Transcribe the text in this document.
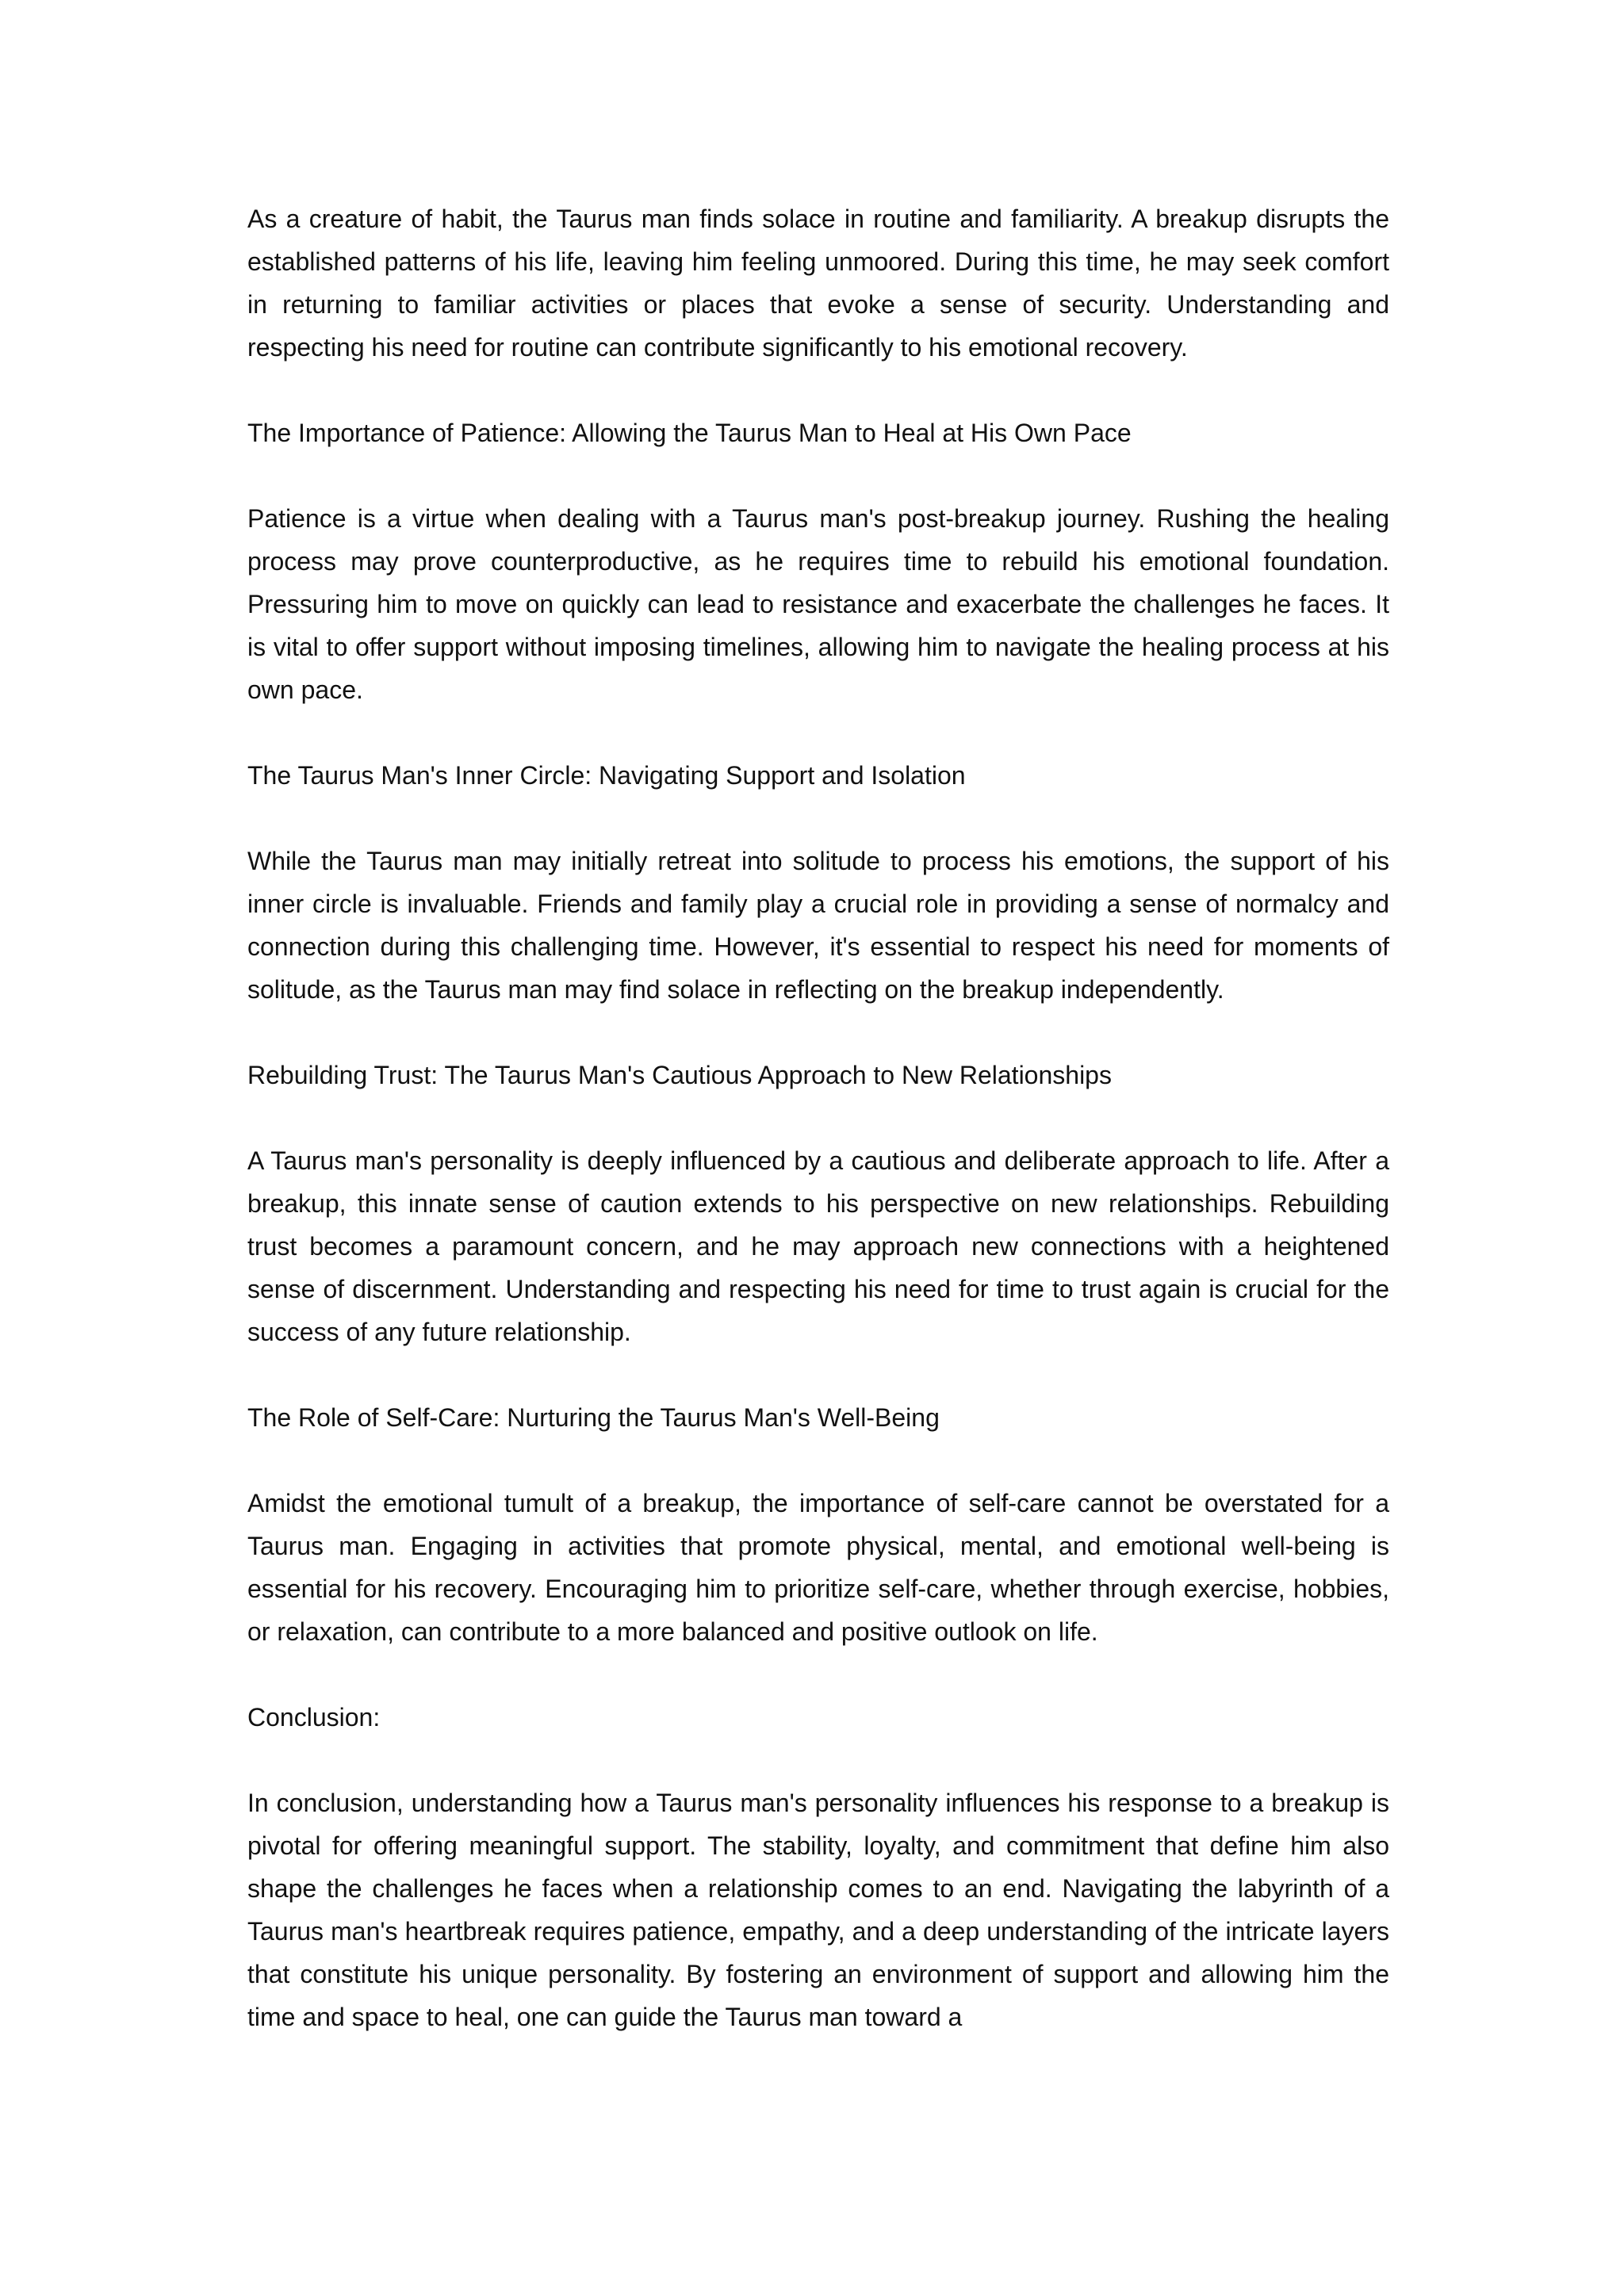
As a creature of habit, the Taurus man finds solace in routine and familiarity. A breakup disrupts the established patterns of his life, leaving him feeling unmoored. During this time, he may seek comfort in returning to familiar activities or places that evoke a sense of security. Understanding and respecting his need for routine can contribute significantly to his emotional recovery.

The Importance of Patience: Allowing the Taurus Man to Heal at His Own Pace

Patience is a virtue when dealing with a Taurus man's post-breakup journey. Rushing the healing process may prove counterproductive, as he requires time to rebuild his emotional foundation. Pressuring him to move on quickly can lead to resistance and exacerbate the challenges he faces. It is vital to offer support without imposing timelines, allowing him to navigate the healing process at his own pace.

The Taurus Man's Inner Circle: Navigating Support and Isolation

While the Taurus man may initially retreat into solitude to process his emotions, the support of his inner circle is invaluable. Friends and family play a crucial role in providing a sense of normalcy and connection during this challenging time. However, it's essential to respect his need for moments of solitude, as the Taurus man may find solace in reflecting on the breakup independently.

Rebuilding Trust: The Taurus Man's Cautious Approach to New Relationships

A Taurus man's personality is deeply influenced by a cautious and deliberate approach to life. After a breakup, this innate sense of caution extends to his perspective on new relationships. Rebuilding trust becomes a paramount concern, and he may approach new connections with a heightened sense of discernment. Understanding and respecting his need for time to trust again is crucial for the success of any future relationship.

The Role of Self-Care: Nurturing the Taurus Man's Well-Being

Amidst the emotional tumult of a breakup, the importance of self-care cannot be overstated for a Taurus man. Engaging in activities that promote physical, mental, and emotional well-being is essential for his recovery. Encouraging him to prioritize self-care, whether through exercise, hobbies, or relaxation, can contribute to a more balanced and positive outlook on life.

Conclusion:

In conclusion, understanding how a Taurus man's personality influences his response to a breakup is pivotal for offering meaningful support. The stability, loyalty, and commitment that define him also shape the challenges he faces when a relationship comes to an end. Navigating the labyrinth of a Taurus man's heartbreak requires patience, empathy, and a deep understanding of the intricate layers that constitute his unique personality. By fostering an environment of support and allowing him the time and space to heal, one can guide the Taurus man toward a
